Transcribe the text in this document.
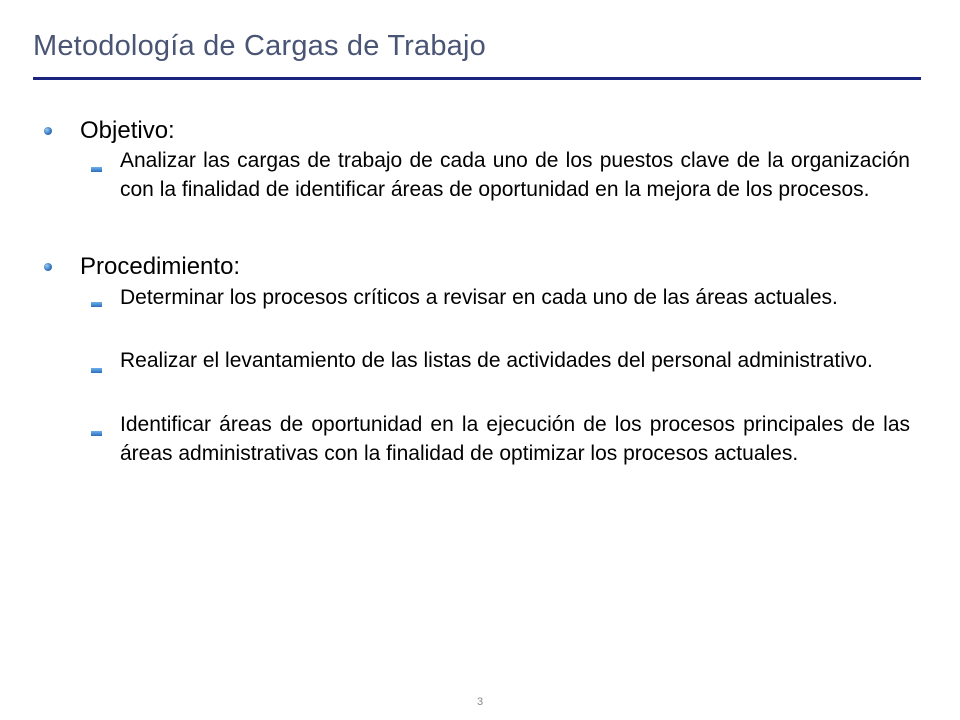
Metodología de Cargas de Trabajo
Objetivo:
Analizar las cargas de trabajo de cada uno de los puestos clave de la organización con la finalidad de identificar áreas de oportunidad en la mejora de los procesos.
Procedimiento:
Determinar los procesos críticos a revisar en cada uno de las áreas actuales.
Realizar el levantamiento de las listas de actividades del personal administrativo.
Identificar áreas de oportunidad en la ejecución de los procesos principales de las áreas administrativas con la finalidad de optimizar los procesos actuales.
3
